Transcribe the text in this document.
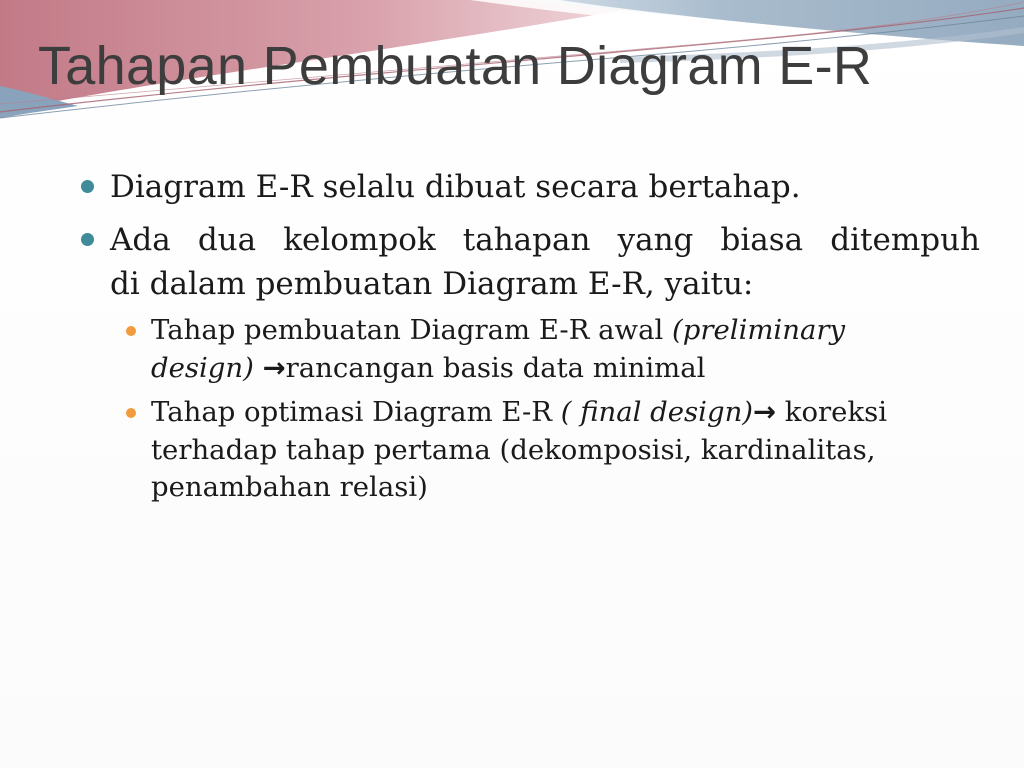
Tahapan Pembuatan Diagram E-R
Diagram E-R selalu dibuat secara bertahap.
Ada dua kelompok tahapan yang biasa ditempuh
di dalam pembuatan Diagram E-R, yaitu:
Tahap pembuatan Diagram E-R awal (preliminary
design) →rancangan basis data minimal
Tahap optimasi Diagram E-R ( final design)→ koreksi
terhadap tahap pertama (dekomposisi, kardinalitas,
penambahan relasi)
